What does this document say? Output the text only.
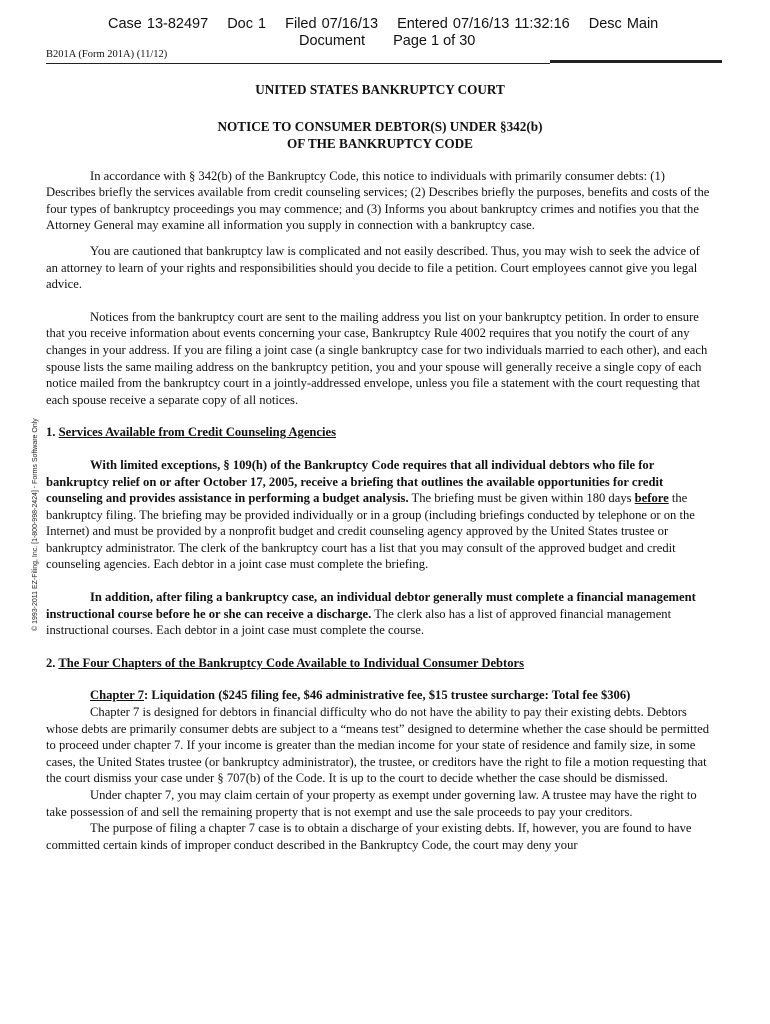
Case 13-82497 Doc 1 Filed 07/16/13 Entered 07/16/13 11:32:16 Desc Main
Document Page 1 of 30
B201A (Form 201A) (11/12)
© 1993-2011 EZ-Filing, Inc. [1-800-998-2424] - Forms Software Only
UNITED STATES BANKRUPTCY COURT
NOTICE TO CONSUMER DEBTOR(S) UNDER §342(b)
OF THE BANKRUPTCY CODE

In accordance with § 342(b) of the Bankruptcy Code, this notice to individuals with primarily consumer debts: (1) Describes briefly the services available from credit counseling services; (2) Describes briefly the purposes, benefits and costs of the four types of bankruptcy proceedings you may commence; and (3) Informs you about bankruptcy crimes and notifies you that the Attorney General may examine all information you supply in connection with a bankruptcy case.

You are cautioned that bankruptcy law is complicated and not easily described. Thus, you may wish to seek the advice of an attorney to learn of your rights and responsibilities should you decide to file a petition. Court employees cannot give you legal advice.

Notices from the bankruptcy court are sent to the mailing address you list on your bankruptcy petition. In order to ensure that you receive information about events concerning your case, Bankruptcy Rule 4002 requires that you notify the court of any changes in your address. If you are filing a joint case (a single bankruptcy case for two individuals married to each other), and each spouse lists the same mailing address on the bankruptcy petition, you and your spouse will generally receive a single copy of each notice mailed from the bankruptcy court in a jointly-addressed envelope, unless you file a statement with the court requesting that each spouse receive a separate copy of all notices.

1. Services Available from Credit Counseling Agencies

With limited exceptions, § 109(h) of the Bankruptcy Code requires that all individual debtors who file for bankruptcy relief on or after October 17, 2005, receive a briefing that outlines the available opportunities for credit counseling and provides assistance in performing a budget analysis. The briefing must be given within 180 days before the bankruptcy filing. The briefing may be provided individually or in a group (including briefings conducted by telephone or on the Internet) and must be provided by a nonprofit budget and credit counseling agency approved by the United States trustee or bankruptcy administrator. The clerk of the bankruptcy court has a list that you may consult of the approved budget and credit counseling agencies. Each debtor in a joint case must complete the briefing.

In addition, after filing a bankruptcy case, an individual debtor generally must complete a financial management instructional course before he or she can receive a discharge. The clerk also has a list of approved financial management instructional courses. Each debtor in a joint case must complete the course.

2. The Four Chapters of the Bankruptcy Code Available to Individual Consumer Debtors

Chapter 7: Liquidation ($245 filing fee, $46 administrative fee, $15 trustee surcharge: Total fee $306)

Chapter 7 is designed for debtors in financial difficulty who do not have the ability to pay their existing debts. Debtors whose debts are primarily consumer debts are subject to a “means test” designed to determine whether the case should be permitted to proceed under chapter 7. If your income is greater than the median income for your state of residence and family size, in some cases, the United States trustee (or bankruptcy administrator), the trustee, or creditors have the right to file a motion requesting that the court dismiss your case under § 707(b) of the Code. It is up to the court to decide whether the case should be dismissed.

Under chapter 7, you may claim certain of your property as exempt under governing law. A trustee may have the right to take possession of and sell the remaining property that is not exempt and use the sale proceeds to pay your creditors.

The purpose of filing a chapter 7 case is to obtain a discharge of your existing debts. If, however, you are found to have committed certain kinds of improper conduct described in the Bankruptcy Code, the court may deny your
